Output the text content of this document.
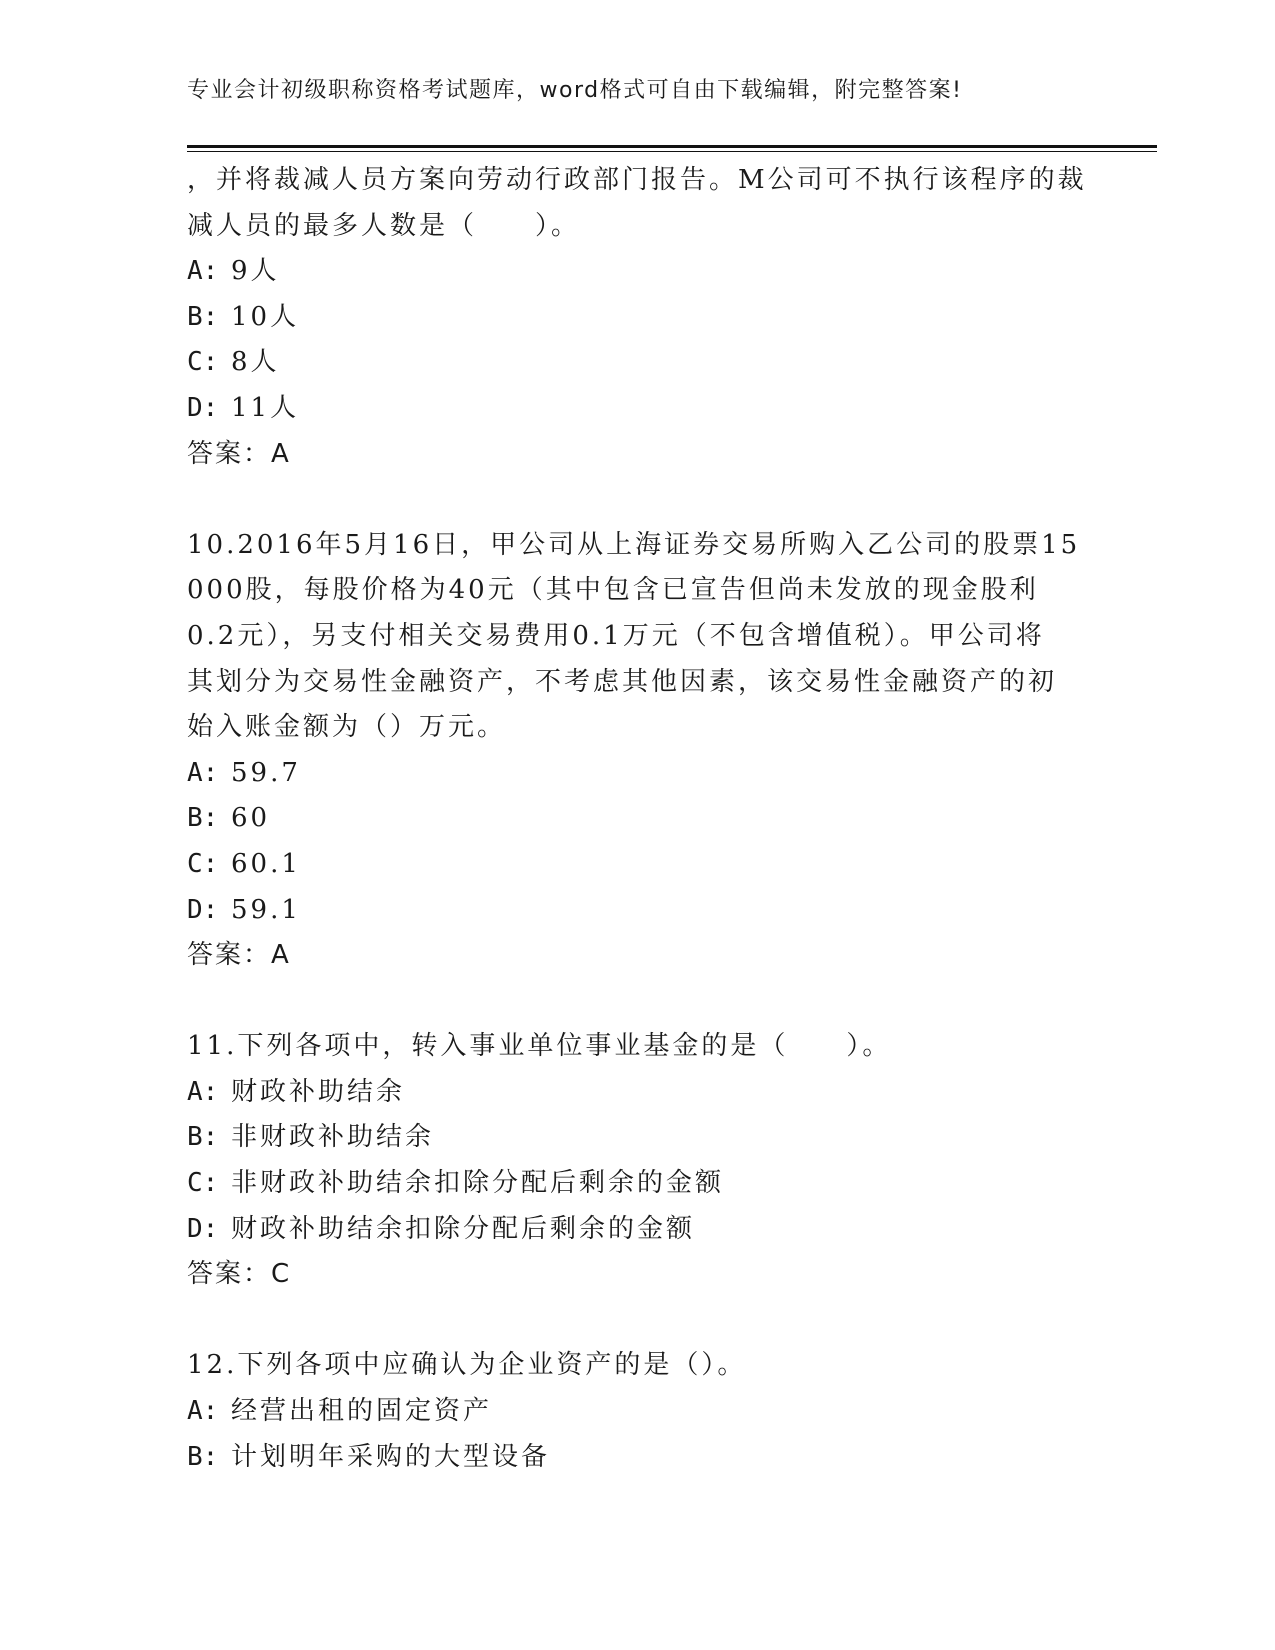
专业会计初级职称资格考试题库，word格式可自由下载编辑，附完整答案!
，并将裁减人员方案向劳动行政部门报告。M公司可不执行该程序的裁
减人员的最多人数是（　　）。
A: 9人
B: 10人
C: 8人
D: 11人
答案：A
10.2016年5月16日，甲公司从上海证券交易所购入乙公司的股票15
000股，每股价格为40元（其中包含已宣告但尚未发放的现金股利
0.2元），另支付相关交易费用0.1万元（不包含增值税）。甲公司将
其划分为交易性金融资产，不考虑其他因素，该交易性金融资产的初
始入账金额为（）万元。
A: 59.7
B: 60
C: 60.1
D: 59.1
答案：A
11.下列各项中，转入事业单位事业基金的是（　　）。
A: 财政补助结余
B: 非财政补助结余
C: 非财政补助结余扣除分配后剩余的金额
D: 财政补助结余扣除分配后剩余的金额
答案：C
12.下列各项中应确认为企业资产的是（）。
A: 经营出租的固定资产
B: 计划明年采购的大型设备
